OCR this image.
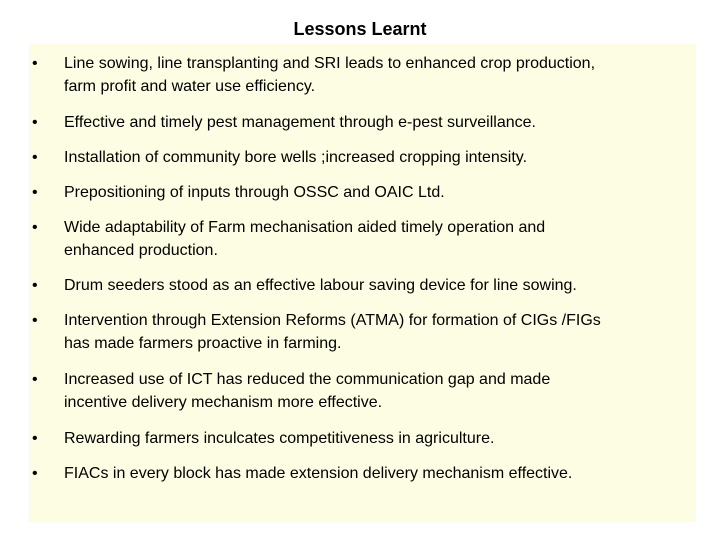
Lessons Learnt
•	Line sowing, line transplanting and SRI leads to enhanced crop production,
farm profit and water use efficiency.
•	Effective and timely pest management through e-pest surveillance.
•	Installation of community bore wells ;increased cropping intensity.
•	Prepositioning of inputs through OSSC and OAIC Ltd.
•	Wide adaptability of Farm mechanisation aided timely operation and
enhanced production.
•	Drum seeders stood as an effective labour saving device for line sowing.
•	Intervention through Extension Reforms (ATMA) for formation of CIGs /FIGs
has made farmers proactive in farming.
•	Increased use of ICT has reduced the communication gap and made
incentive delivery mechanism more effective.
•	Rewarding farmers inculcates competitiveness in agriculture.
•	FIACs in every block has made extension delivery mechanism effective.
